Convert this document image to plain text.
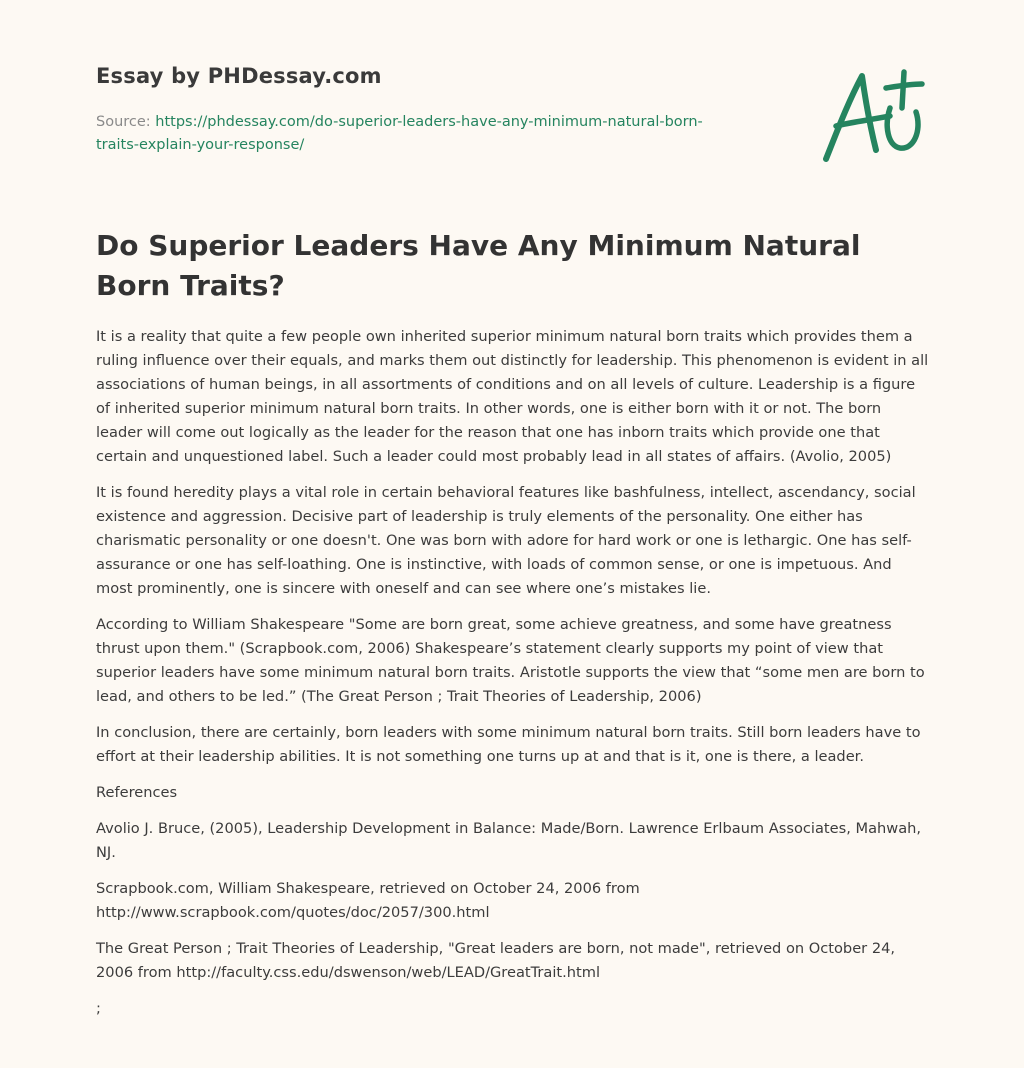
Essay by PHDessay.com
Source: https://phdessay.com/do-superior-leaders-have-any-minimum-natural-born-traits-explain-your-response/
Do Superior Leaders Have Any Minimum Natural Born Traits?

It is a reality that quite a few people own inherited superior minimum natural born traits which provides them a ruling influence over their equals, and marks them out distinctly for leadership. This phenomenon is evident in all associations of human beings, in all assortments of conditions and on all levels of culture. Leadership is a figure of inherited superior minimum natural born traits. In other words, one is either born with it or not. The born leader will come out logically as the leader for the reason that one has inborn traits which provide one that certain and unquestioned label. Such a leader could most probably lead in all states of affairs. (Avolio, 2005)

It is found heredity plays a vital role in certain behavioral features like bashfulness, intellect, ascendancy, social existence and aggression. Decisive part of leadership is truly elements of the personality. One either has charismatic personality or one doesn't. One was born with adore for hard work or one is lethargic. One has self-assurance or one has self-loathing. One is instinctive, with loads of common sense, or one is impetuous. And most prominently, one is sincere with oneself and can see where one’s mistakes lie.

According to William Shakespeare "Some are born great, some achieve greatness, and some have greatness thrust upon them." (Scrapbook.com, 2006) Shakespeare’s statement clearly supports my point of view that superior leaders have some minimum natural born traits. Aristotle supports the view that “some men are born to lead, and others to be led.” (The Great Person ; Trait Theories of Leadership, 2006)

In conclusion, there are certainly, born leaders with some minimum natural born traits. Still born leaders have to effort at their leadership abilities. It is not something one turns up at and that is it, one is there, a leader.

References

Avolio J. Bruce, (2005), Leadership Development in Balance: Made/Born. Lawrence Erlbaum Associates, Mahwah, NJ.

Scrapbook.com, William Shakespeare, retrieved on October 24, 2006 from http://www.scrapbook.com/quotes/doc/2057/300.html

The Great Person ; Trait Theories of Leadership, "Great leaders are born, not made", retrieved on October 24, 2006 from http://faculty.css.edu/dswenson/web/LEAD/GreatTrait.html

;
